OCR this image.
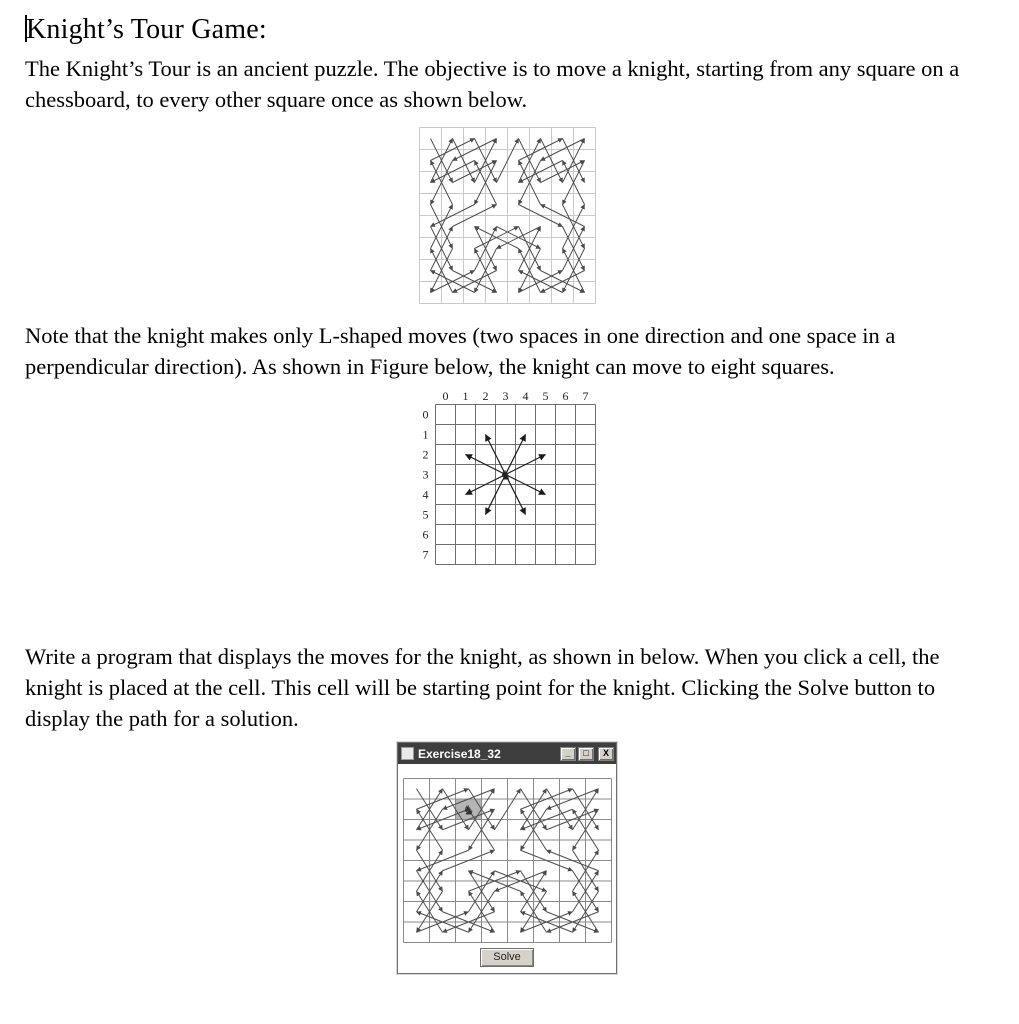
Knight’s Tour Game:

The Knight’s Tour is an ancient puzzle. The objective is to move a knight, starting from any square on a chessboard, to every other square once as shown below.

Note that the knight makes only L-shaped moves (two spaces in one direction and one space in a perpendicular direction). As shown in Figure below, the knight can move to eight squares.

0 1 2 3 4 5 6 7
0
1
2
3
4
5
6
7
♞

Write a program that displays the moves for the knight, as shown in below. When you click a cell, the knight is placed at the cell. This cell will be starting point for the knight. Clicking the Solve button to display the path for a solution.

Exercise18_32	_	□	X
♞
Solve
